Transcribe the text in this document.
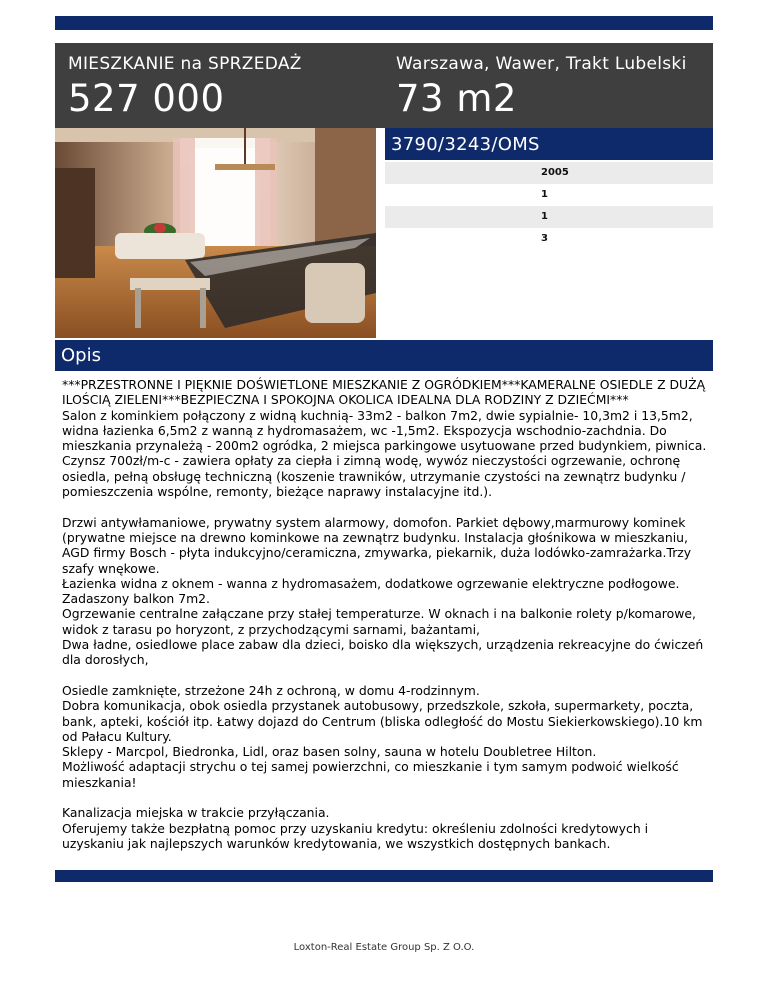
MIESZKANIE na SPRZEDAŻ
527 000
Warszawa, Wawer, Trakt Lubelski
73 m2
3790/3243/OMS
2005
1
1
3
Opis

***PRZESTRONNE I PIĘKNIE DOŚWIETLONE MIESZKANIE Z OGRÓDKIEM***KAMERALNE OSIEDLE Z DUŻĄ ILOŚCIĄ ZIELENI***BEZPIECZNA I SPOKOJNA OKOLICA IDEALNA DLA RODZINY Z DZIEĆMI***
Salon z kominkiem połączony z widną kuchnią- 33m2 - balkon 7m2, dwie sypialnie- 10,3m2 i 13,5m2, widna łazienka 6,5m2 z wanną z hydromasażem, wc -1,5m2. Ekspozycja wschodnio-zachdnia. Do mieszkania przynależą - 200m2 ogródka, 2 miejsca parkingowe usytuowane przed budynkiem, piwnica.
Czynsz 700zł/m-c - zawiera opłaty za ciepła i zimną wodę, wywóz nieczystości ogrzewanie, ochronę osiedla, pełną obsługę techniczną (koszenie trawników, utrzymanie czystości na zewnątrz budynku / pomieszczenia wspólne, remonty, bieżące naprawy instalacyjne itd.).

Drzwi antywłamaniowe, prywatny system alarmowy, domofon. Parkiet dębowy,marmurowy kominek (prywatne miejsce na drewno kominkowe na zewnątrz budynku. Instalacja głośnikowa w mieszkaniu,
AGD firmy Bosch - płyta indukcyjno/ceramiczna, zmywarka, piekarnik, duża lodówko-zamrażarka.Trzy szafy wnękowe.
Łazienka widna z oknem - wanna z hydromasażem, dodatkowe ogrzewanie elektryczne podłogowe. Zadaszony balkon 7m2.
Ogrzewanie centralne załączane przy stałej temperaturze. W oknach i na balkonie rolety p/komarowe, widok z tarasu po horyzont, z przychodzącymi sarnami, bażantami,
Dwa ładne, osiedlowe place zabaw dla dzieci, boisko dla większych, urządzenia rekreacyjne do ćwiczeń dla dorosłych,

Osiedle zamknięte, strzeżone 24h z ochroną, w domu 4-rodzinnym.
Dobra komunikacja, obok osiedla przystanek autobusowy, przedszkole, szkoła, supermarkety, poczta, bank, apteki, kościół itp. Łatwy dojazd do Centrum (bliska odległość do Mostu Siekierkowskiego).10 km od Pałacu Kultury.
Sklepy - Marcpol, Biedronka, Lidl, oraz basen solny, sauna w hotelu Doubletree Hilton.
Możliwość adaptacji strychu o tej samej powierzchni, co mieszkanie i tym samym podwoić wielkość mieszkania!

Kanalizacja miejska w trakcie przyłączania.
Oferujemy także bezpłatną pomoc przy uzyskaniu kredytu: określeniu zdolności kredytowych i uzyskaniu jak najlepszych warunków kredytowania, we wszystkich dostępnych bankach.

Loxton-Real Estate Group Sp. Z O.O.
